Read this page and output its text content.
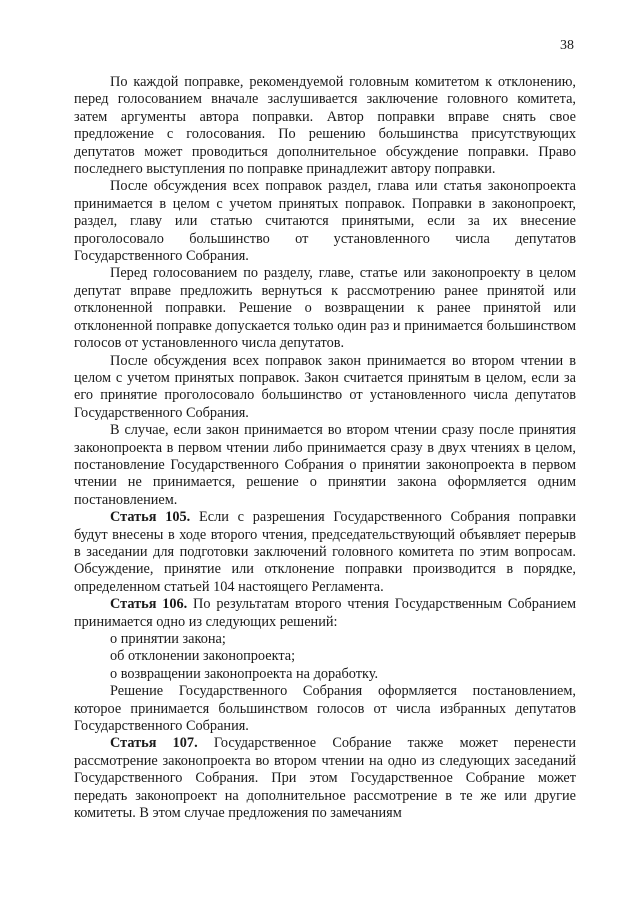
38

По каждой поправке, рекомендуемой головным комитетом к отклонению, перед голосованием вначале заслушивается заключение головного комитета, затем аргументы автора поправки. Автор поправки вправе снять свое предложение с голосования. По решению большинства присутствующих депутатов может проводиться дополнительное обсуждение поправки. Право последнего выступления по поправке принадлежит автору поправки.

После обсуждения всех поправок раздел, глава или статья законопроекта принимается в целом с учетом принятых поправок. Поправки в законопроект, раздел, главу или статью считаются принятыми, если за их внесение проголосовало большинство от установленного числа депутатов Государственного Собрания.

Перед голосованием по разделу, главе, статье или законопроекту в целом депутат вправе предложить вернуться к рассмотрению ранее принятой или отклоненной поправки. Решение о возвращении к ранее принятой или отклоненной поправке допускается только один раз и принимается большинством голосов от установленного числа депутатов.

После обсуждения всех поправок закон принимается во втором чтении в целом с учетом принятых поправок. Закон считается принятым в целом, если за его принятие проголосовало большинство от установленного числа депутатов Государственного Собрания.

В случае, если закон принимается во втором чтении сразу после принятия законопроекта в первом чтении либо принимается сразу в двух чтениях в целом, постановление Государственного Собрания о принятии законопроекта в первом чтении не принимается, решение о принятии закона оформляется одним постановлением.

Статья 105. Если с разрешения Государственного Собрания поправки будут внесены в ходе второго чтения, председательствующий объявляет перерыв в заседании для подготовки заключений головного комитета по этим вопросам. Обсуждение, принятие или отклонение поправки производится в порядке, определенном статьей 104 настоящего Регламента.

Статья 106. По результатам второго чтения Государственным Собранием принимается одно из следующих решений:

о принятии закона;

об отклонении законопроекта;

о возвращении законопроекта на доработку.

Решение Государственного Собрания оформляется постановлением, которое принимается большинством голосов от числа избранных депутатов Государственного Собрания.

Статья 107. Государственное Собрание также может перенести рассмотрение законопроекта во втором чтении на одно из следующих заседаний Государственного Собрания. При этом Государственное Собрание может передать законопроект на дополнительное рассмотрение в те же или другие комитеты. В этом случае предложения по замечаниям
